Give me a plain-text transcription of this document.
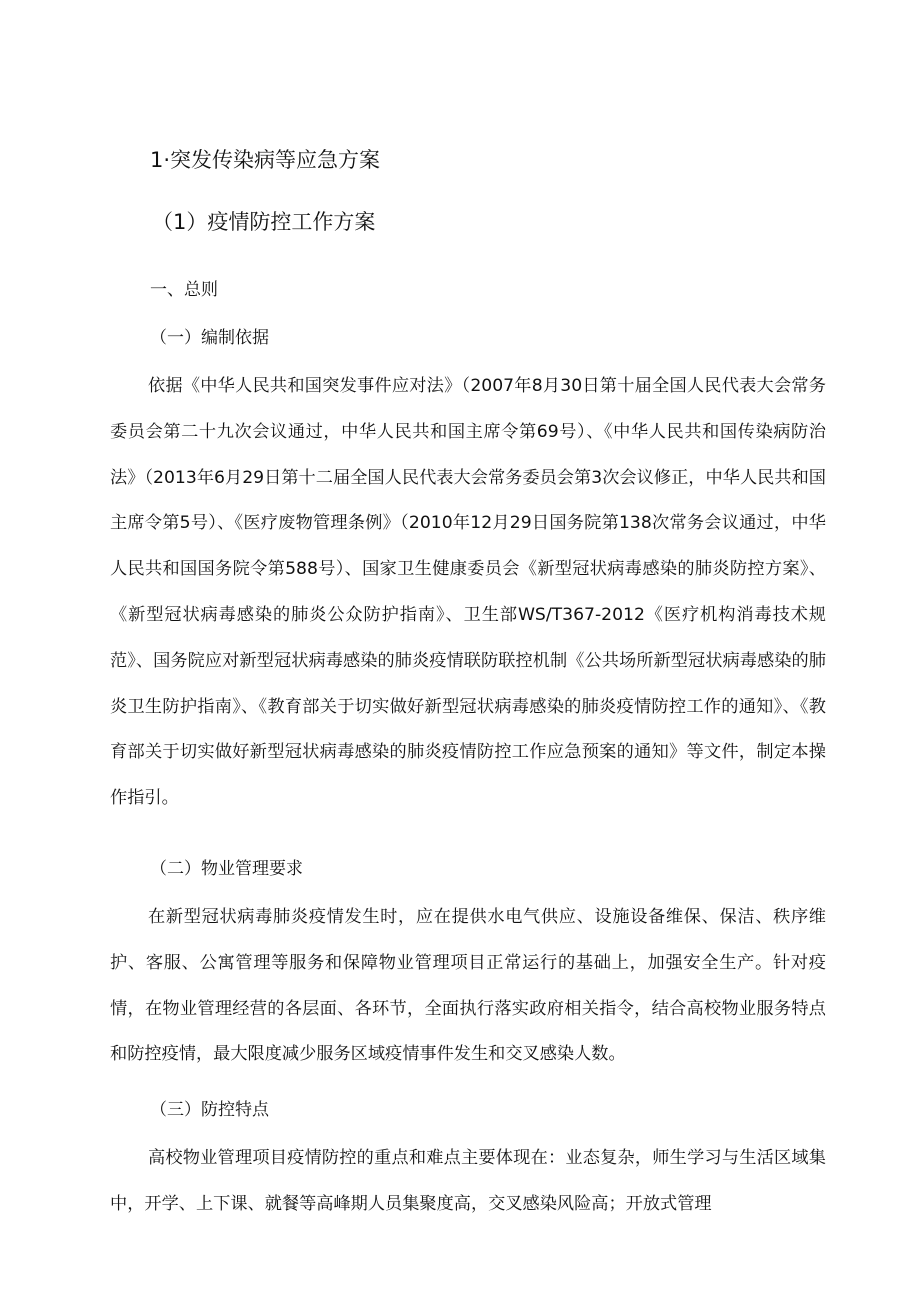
1·突发传染病等应急方案
（1）疫情防控工作方案
一、总则
（一）编制依据

依据《中华人民共和国突发事件应对法》（2007年8月30日第十届全国人民代表大会常务委员会第二十九次会议通过，中华人民共和国主席令第69号）、《中华人民共和国传染病防治法》（2013年6月29日第十二届全国人民代表大会常务委员会第3次会议修正，中华人民共和国主席令第5号）、《医疗废物管理条例》（2010年12月29日国务院第138次常务会议通过，中华人民共和国国务院令第588号）、国家卫生健康委员会《新型冠状病毒感染的肺炎防控方案》、《新型冠状病毒感染的肺炎公众防护指南》、卫生部WS/T367-2012《医疗机构消毒技术规范》、国务院应对新型冠状病毒感染的肺炎疫情联防联控机制《公共场所新型冠状病毒感染的肺炎卫生防护指南》、《教育部关于切实做好新型冠状病毒感染的肺炎疫情防控工作的通知》、《教育部关于切实做好新型冠状病毒感染的肺炎疫情防控工作应急预案的通知》等文件，制定本操作指引。

（二）物业管理要求

在新型冠状病毒肺炎疫情发生时，应在提供水电气供应、设施设备维保、保洁、秩序维护、客服、公寓管理等服务和保障物业管理项目正常运行的基础上，加强安全生产。针对疫情，在物业管理经营的各层面、各环节，全面执行落实政府相关指令，结合高校物业服务特点和防控疫情，最大限度减少服务区域疫情事件发生和交叉感染人数。

（三）防控特点

高校物业管理项目疫情防控的重点和难点主要体现在：业态复杂，师生学习与生活区域集中，开学、上下课、就餐等高峰期人员集聚度高，交叉感染风险高；开放式管理
